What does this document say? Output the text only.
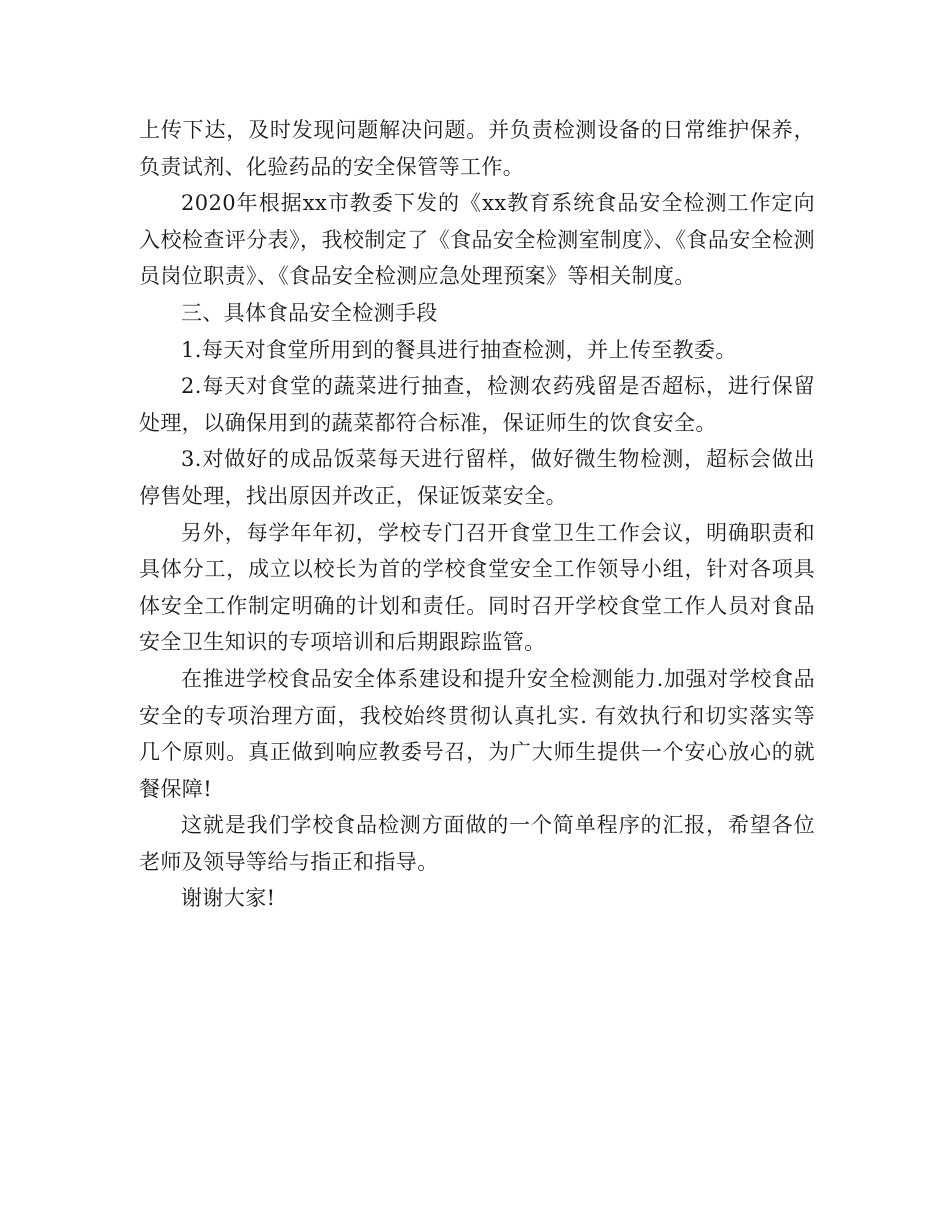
上传下达，及时发现问题解决问题。并负责检测设备的日常维护保养，负责试剂、化验药品的安全保管等工作。

2020年根据xx市教委下发的《xx教育系统食品安全检测工作定向入校检查评分表》，我校制定了《食品安全检测室制度》、《食品安全检测员岗位职责》、《食品安全检测应急处理预案》等相关制度。

三、具体食品安全检测手段

1.每天对食堂所用到的餐具进行抽查检测，并上传至教委。

2.每天对食堂的蔬菜进行抽查，检测农药残留是否超标，进行保留处理，以确保用到的蔬菜都符合标准，保证师生的饮食安全。

3.对做好的成品饭菜每天进行留样，做好微生物检测，超标会做出停售处理，找出原因并改正，保证饭菜安全。

另外，每学年年初，学校专门召开食堂卫生工作会议，明确职责和具体分工，成立以校长为首的学校食堂安全工作领导小组，针对各项具体安全工作制定明确的计划和责任。同时召开学校食堂工作人员对食品安全卫生知识的专项培训和后期跟踪监管。

在推进学校食品安全体系建设和提升安全检测能力.加强对学校食品安全的专项治理方面，我校始终贯彻认真扎实. 有效执行和切实落实等几个原则。真正做到响应教委号召，为广大师生提供一个安心放心的就餐保障!

这就是我们学校食品检测方面做的一个简单程序的汇报，希望各位老师及领导等给与指正和指导。

谢谢大家!
